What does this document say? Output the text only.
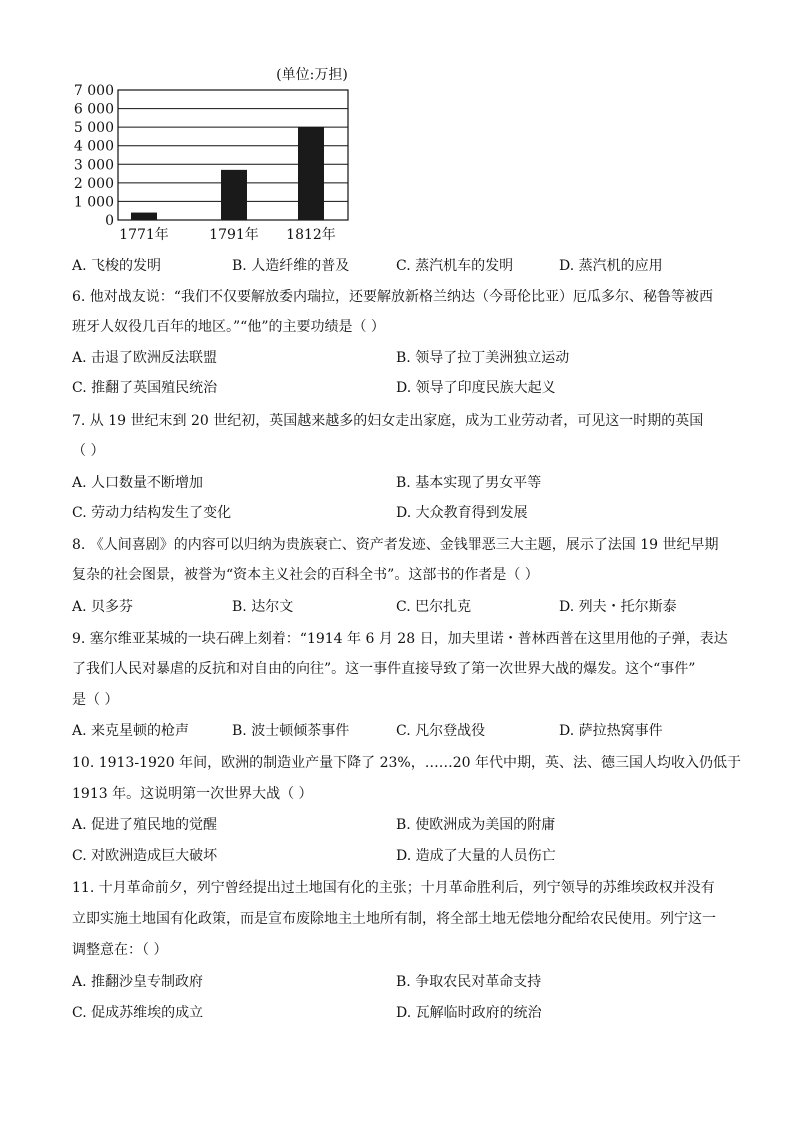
(单位:万担)
7 000
6 000
5 000
4 000
3 000
2 000
1 000
0
1771年	1791年 1812年
A. 飞梭的发明	B. 人造纤维的普及	C. 蒸汽机车的发明	D. 蒸汽机的应用
6. 他对战友说：“我们不仅要解放委内瑞拉，还要解放新格兰纳达（今哥伦比亚）厄瓜多尔、秘鲁等被西
班牙人奴役几百年的地区。”“他”的主要功绩是（ ）
A. 击退了欧洲反法联盟	B. 领导了拉丁美洲独立运动
C. 推翻了英国殖民统治	D. 领导了印度民族大起义
7. 从 19 世纪末到 20 世纪初，英国越来越多的妇女走出家庭，成为工业劳动者，可见这一时期的英国
（ ）
A. 人口数量不断增加	B. 基本实现了男女平等
C. 劳动力结构发生了变化	D. 大众教育得到发展
8. 《人间喜剧》的内容可以归纳为贵族衰亡、资产者发迹、金钱罪恶三大主题，展示了法国 19 世纪早期
复杂的社会图景，被誉为“资本主义社会的百科全书”。这部书的作者是（ ）
A. 贝多芬	B. 达尔文	C. 巴尔扎克	D. 列夫・托尔斯泰
9. 塞尔维亚某城的一块石碑上刻着：“1914 年 6 月 28 日，加夫里诺・普林西普在这里用他的子弹，表达
了我们人民对暴虐的反抗和对自由的向往”。这一事件直接导致了第一次世界大战的爆发。这个“事件”
是（ ）
A. 来克星顿的枪声	B. 波士顿倾茶事件	C. 凡尔登战役	D. 萨拉热窝事件
10. 1913-1920 年间，欧洲的制造业产量下降了 23%，……20 年代中期，英、法、德三国人均收入仍低于
1913 年。这说明第一次世界大战（ ）
A. 促进了殖民地的觉醒	B. 使欧洲成为美国的附庸
C. 对欧洲造成巨大破坏	D. 造成了大量的人员伤亡
11. 十月革命前夕，列宁曾经提出过土地国有化的主张；十月革命胜利后，列宁领导的苏维埃政权并没有
立即实施土地国有化政策，而是宣布废除地主土地所有制，将全部土地无偿地分配给农民使用。列宁这一
调整意在：（ ）
A. 推翻沙皇专制政府	B. 争取农民对革命支持
C. 促成苏维埃的成立	D. 瓦解临时政府的统治
